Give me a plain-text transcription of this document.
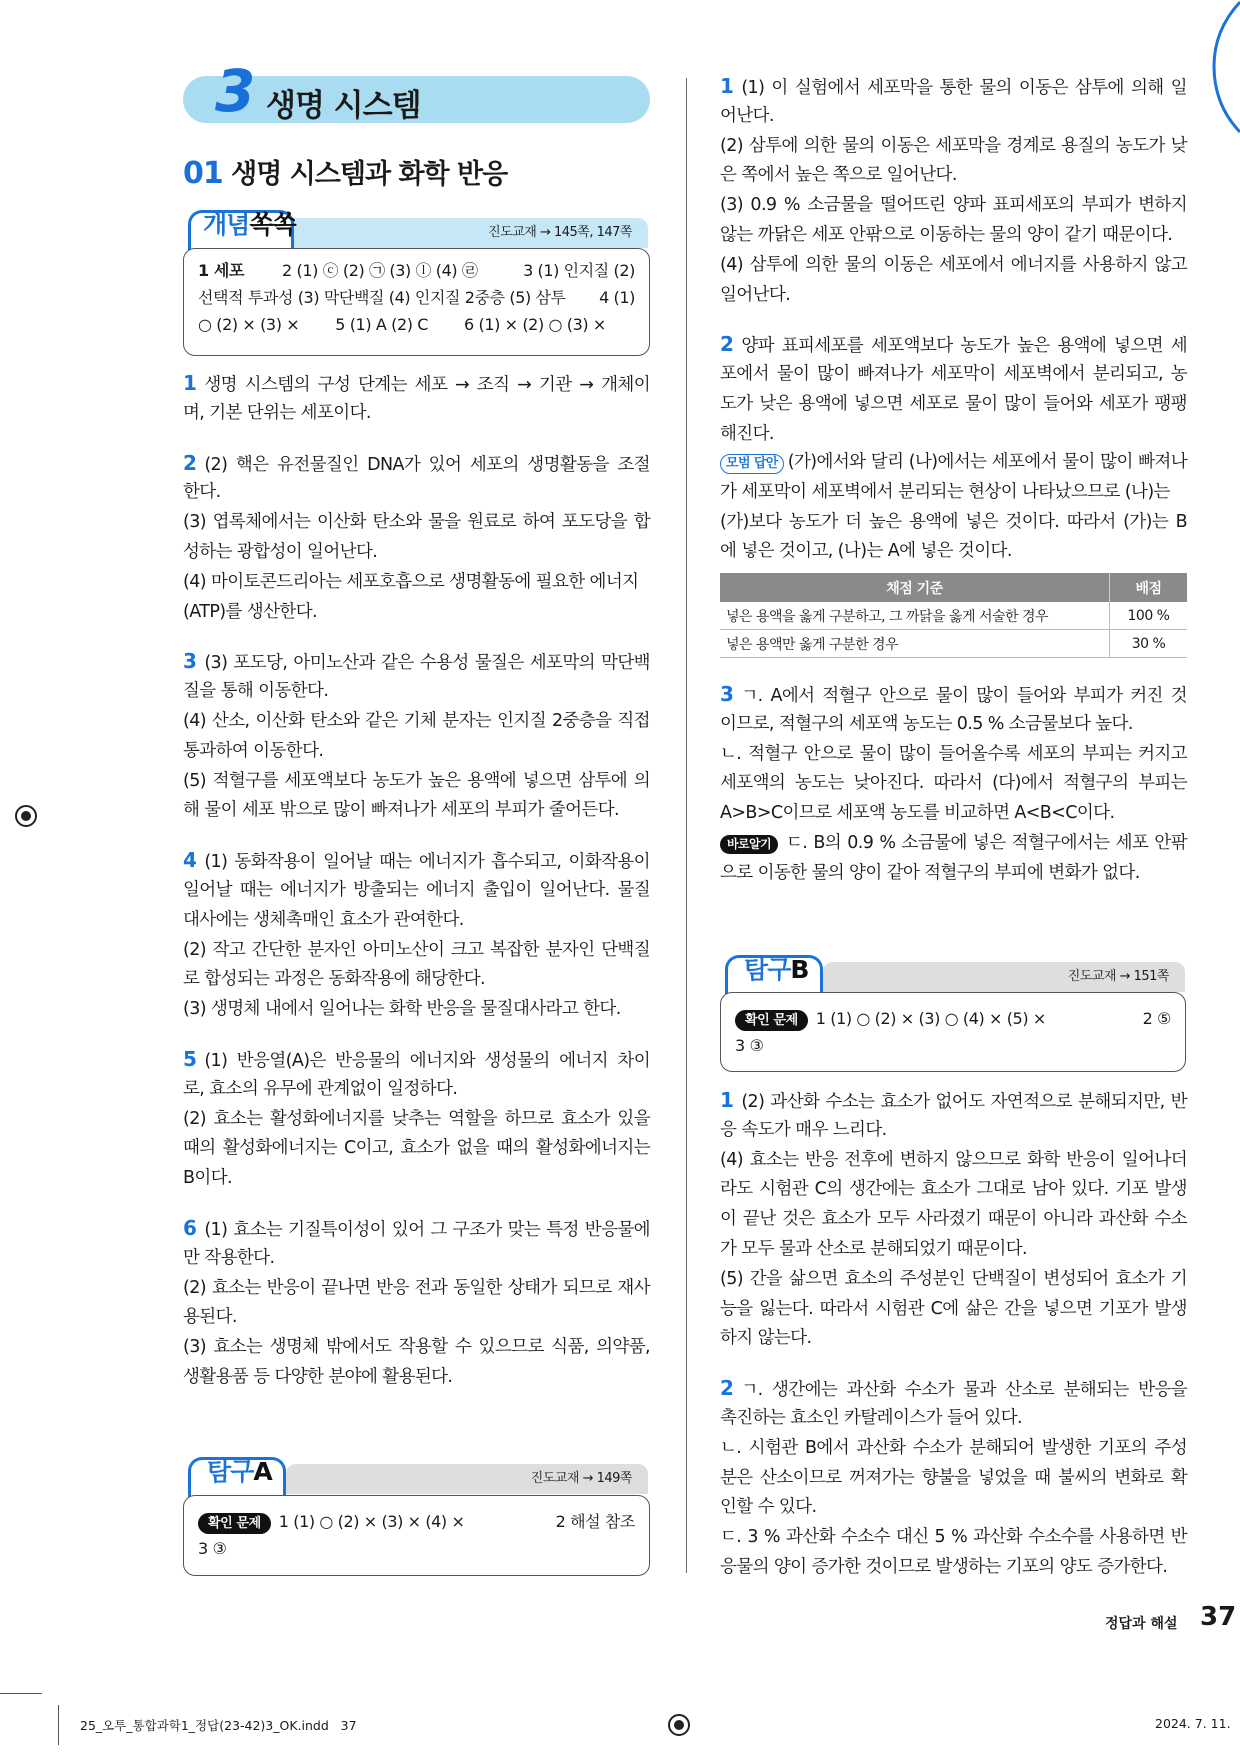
3 생명 시스템
01 생명 시스템과 화학 반응
진도교재 → 145쪽, 147쪽
개념쏙쏙
1 세포 2 (1) ⓒ (2) ㉠ (3) ⓛ (4) ㉣	3 (1) 인지질 (2)
선택적 투과성 (3) 막단백질 (4) 인지질 2중층 (5) 삼투 4 (1)
○ (2) × (3) × 5 (1) A (2) C 6 (1) × (2) ○ (3) ×
1 생명 시스템의 구성 단계는 세포 → 조직 → 기관 → 개체이
며, 기본 단위는 세포이다.
2 (2) 핵은 유전물질인 DNA가 있어 세포의 생명활동을 조절
한다.
(3) 엽록체에서는 이산화 탄소와 물을 원료로 하여 포도당을 합
성하는 광합성이 일어난다.
(4) 마이토콘드리아는 세포호흡으로 생명활동에 필요한 에너지
(ATP)를 생산한다.
3 (3) 포도당, 아미노산과 같은 수용성 물질은 세포막의 막단백
질을 통해 이동한다.
(4) 산소, 이산화 탄소와 같은 기체 분자는 인지질 2중층을 직접
통과하여 이동한다.
(5) 적혈구를 세포액보다 농도가 높은 용액에 넣으면 삼투에 의
해 물이 세포 밖으로 많이 빠져나가 세포의 부피가 줄어든다.
4 (1) 동화작용이 일어날 때는 에너지가 흡수되고, 이화작용이
일어날 때는 에너지가 방출되는 에너지 출입이 일어난다. 물질
대사에는 생체촉매인 효소가 관여한다.
(2) 작고 간단한 분자인 아미노산이 크고 복잡한 분자인 단백질
로 합성되는 과정은 동화작용에 해당한다.
(3) 생명체 내에서 일어나는 화학 반응을 물질대사라고 한다.
5 (1) 반응열(A)은 반응물의 에너지와 생성물의 에너지 차이
로, 효소의 유무에 관계없이 일정하다.
(2) 효소는 활성화에너지를 낮추는 역할을 하므로 효소가 있을
때의 활성화에너지는 C이고, 효소가 없을 때의 활성화에너지는
B이다.
6 (1) 효소는 기질특이성이 있어 그 구조가 맞는 특정 반응물에
만 작용한다.
(2) 효소는 반응이 끝나면 반응 전과 동일한 상태가 되므로 재사
용된다.
(3) 효소는 생명체 밖에서도 작용할 수 있으므로 식품, 의약품,
생활용품 등 다양한 분야에 활용된다.
진도교재 → 149쪽
탐구A
확인 문제 1 (1) ○ (2) × (3) × (4) ×	2 해설 참조
3 ③
1 (1) 이 실험에서 세포막을 통한 물의 이동은 삼투에 의해 일
어난다.
(2) 삼투에 의한 물의 이동은 세포막을 경계로 용질의 농도가 낮
은 쪽에서 높은 쪽으로 일어난다.
(3) 0.9 % 소금물을 떨어뜨린 양파 표피세포의 부피가 변하지
않는 까닭은 세포 안팎으로 이동하는 물의 양이 같기 때문이다.
(4) 삼투에 의한 물의 이동은 세포에서 에너지를 사용하지 않고
일어난다.
2 양파 표피세포를 세포액보다 농도가 높은 용액에 넣으면 세
포에서 물이 많이 빠져나가 세포막이 세포벽에서 분리되고, 농
도가 낮은 용액에 넣으면 세포로 물이 많이 들어와 세포가 팽팽
해진다.
모범 답안 (가)에서와 달리 (나)에서는 세포에서 물이 많이 빠져나
가 세포막이 세포벽에서 분리되는 현상이 나타났으므로 (나)는
(가)보다 농도가 더 높은 용액에 넣은 것이다. 따라서 (가)는 B
에 넣은 것이고, (나)는 A에 넣은 것이다.
채점 기준	배점
넣은 용액을 옳게 구분하고, 그 까닭을 옳게 서술한 경우	100 %
넣은 용액만 옳게 구분한 경우	30 %
3 ㄱ. A에서 적혈구 안으로 물이 많이 들어와 부피가 커진 것
이므로, 적혈구의 세포액 농도는 0.5 % 소금물보다 높다.
ㄴ. 적혈구 안으로 물이 많이 들어올수록 세포의 부피는 커지고
세포액의 농도는 낮아진다. 따라서 (다)에서 적혈구의 부피는
A>B>C이므로 세포액 농도를 비교하면 A<B<C이다.
바로알기 ㄷ. B의 0.9 % 소금물에 넣은 적혈구에서는 세포 안팎
으로 이동한 물의 양이 같아 적혈구의 부피에 변화가 없다.
진도교재 → 151쪽
탐구B
확인 문제 1 (1) ○ (2) × (3) ○ (4) × (5) ×	2 ⑤
3 ③
1 (2) 과산화 수소는 효소가 없어도 자연적으로 분해되지만, 반
응 속도가 매우 느리다.
(4) 효소는 반응 전후에 변하지 않으므로 화학 반응이 일어나더
라도 시험관 C의 생간에는 효소가 그대로 남아 있다. 기포 발생
이 끝난 것은 효소가 모두 사라졌기 때문이 아니라 과산화 수소
가 모두 물과 산소로 분해되었기 때문이다.
(5) 간을 삶으면 효소의 주성분인 단백질이 변성되어 효소가 기
능을 잃는다. 따라서 시험관 C에 삶은 간을 넣으면 기포가 발생
하지 않는다.
2 ㄱ. 생간에는 과산화 수소가 물과 산소로 분해되는 반응을
촉진하는 효소인 카탈레이스가 들어 있다.
ㄴ. 시험관 B에서 과산화 수소가 분해되어 발생한 기포의 주성
분은 산소이므로 꺼져가는 향불을 넣었을 때 불씨의 변화로 확
인할 수 있다.
ㄷ. 3 % 과산화 수소수 대신 5 % 과산화 수소수를 사용하면 반
응물의 양이 증가한 것이므로 발생하는 기포의 양도 증가한다.
정답과 해설 37
25_오투_통합과학1_정답(23-42)3_OK.indd   37	2024. 7. 11.
